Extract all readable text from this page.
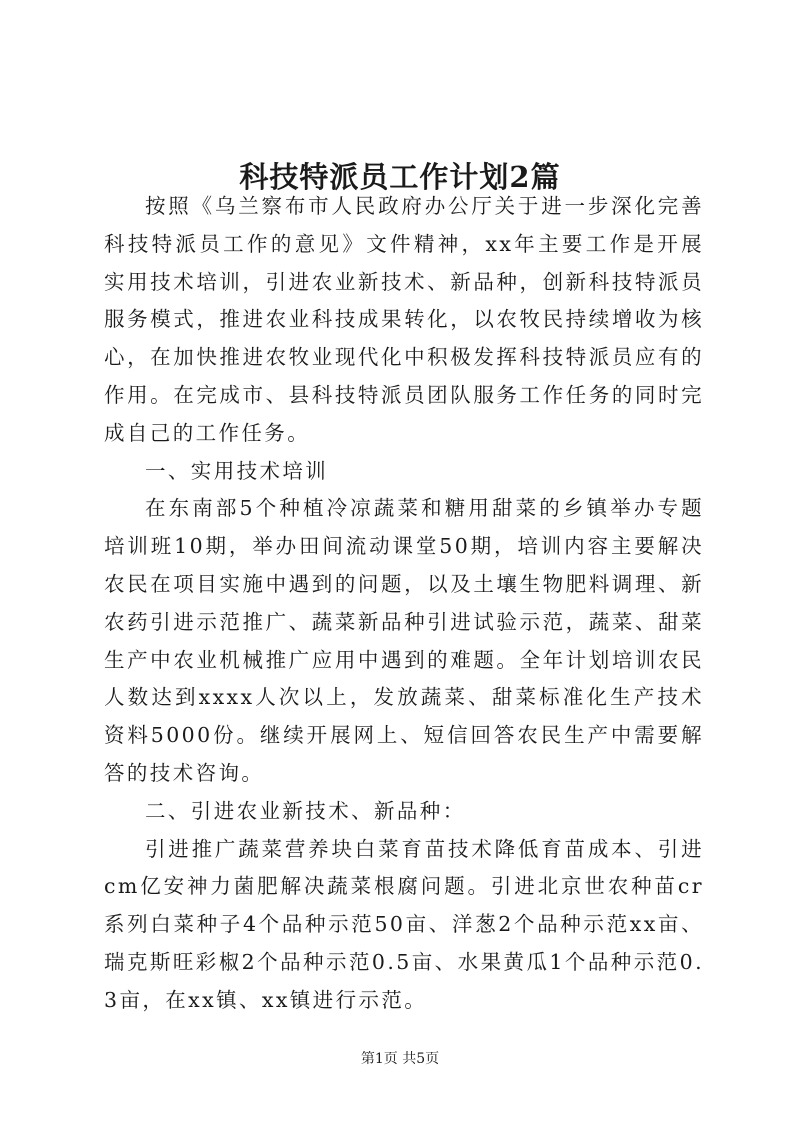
科技特派员工作计划2篇

按照《乌兰察布市人民政府办公厅关于进一步深化完善科技特派员工作的意见》文件精神，xx年主要工作是开展实用技术培训，引进农业新技术、新品种，创新科技特派员服务模式，推进农业科技成果转化，以农牧民持续增收为核心，在加快推进农牧业现代化中积极发挥科技特派员应有的作用。在完成市、县科技特派员团队服务工作任务的同时完成自己的工作任务。

一、实用技术培训

在东南部5个种植冷凉蔬菜和糖用甜菜的乡镇举办专题培训班10期，举办田间流动课堂50期，培训内容主要解决农民在项目实施中遇到的问题，以及土壤生物肥料调理、新农药引进示范推广、蔬菜新品种引进试验示范，蔬菜、甜菜生产中农业机械推广应用中遇到的难题。全年计划培训农民人数达到xxxx人次以上，发放蔬菜、甜菜标准化生产技术资料5000份。继续开展网上、短信回答农民生产中需要解答的技术咨询。

二、引进农业新技术、新品种：

引进推广蔬菜营养块白菜育苗技术降低育苗成本、引进cm亿安神力菌肥解决蔬菜根腐问题。引进北京世农种苗cr系列白菜种子4个品种示范50亩、洋葱2个品种示范xx亩、瑞克斯旺彩椒2个品种示范0.5亩、水果黄瓜1个品种示范0.3亩，在xx镇、xx镇进行示范。

第1页 共5页
